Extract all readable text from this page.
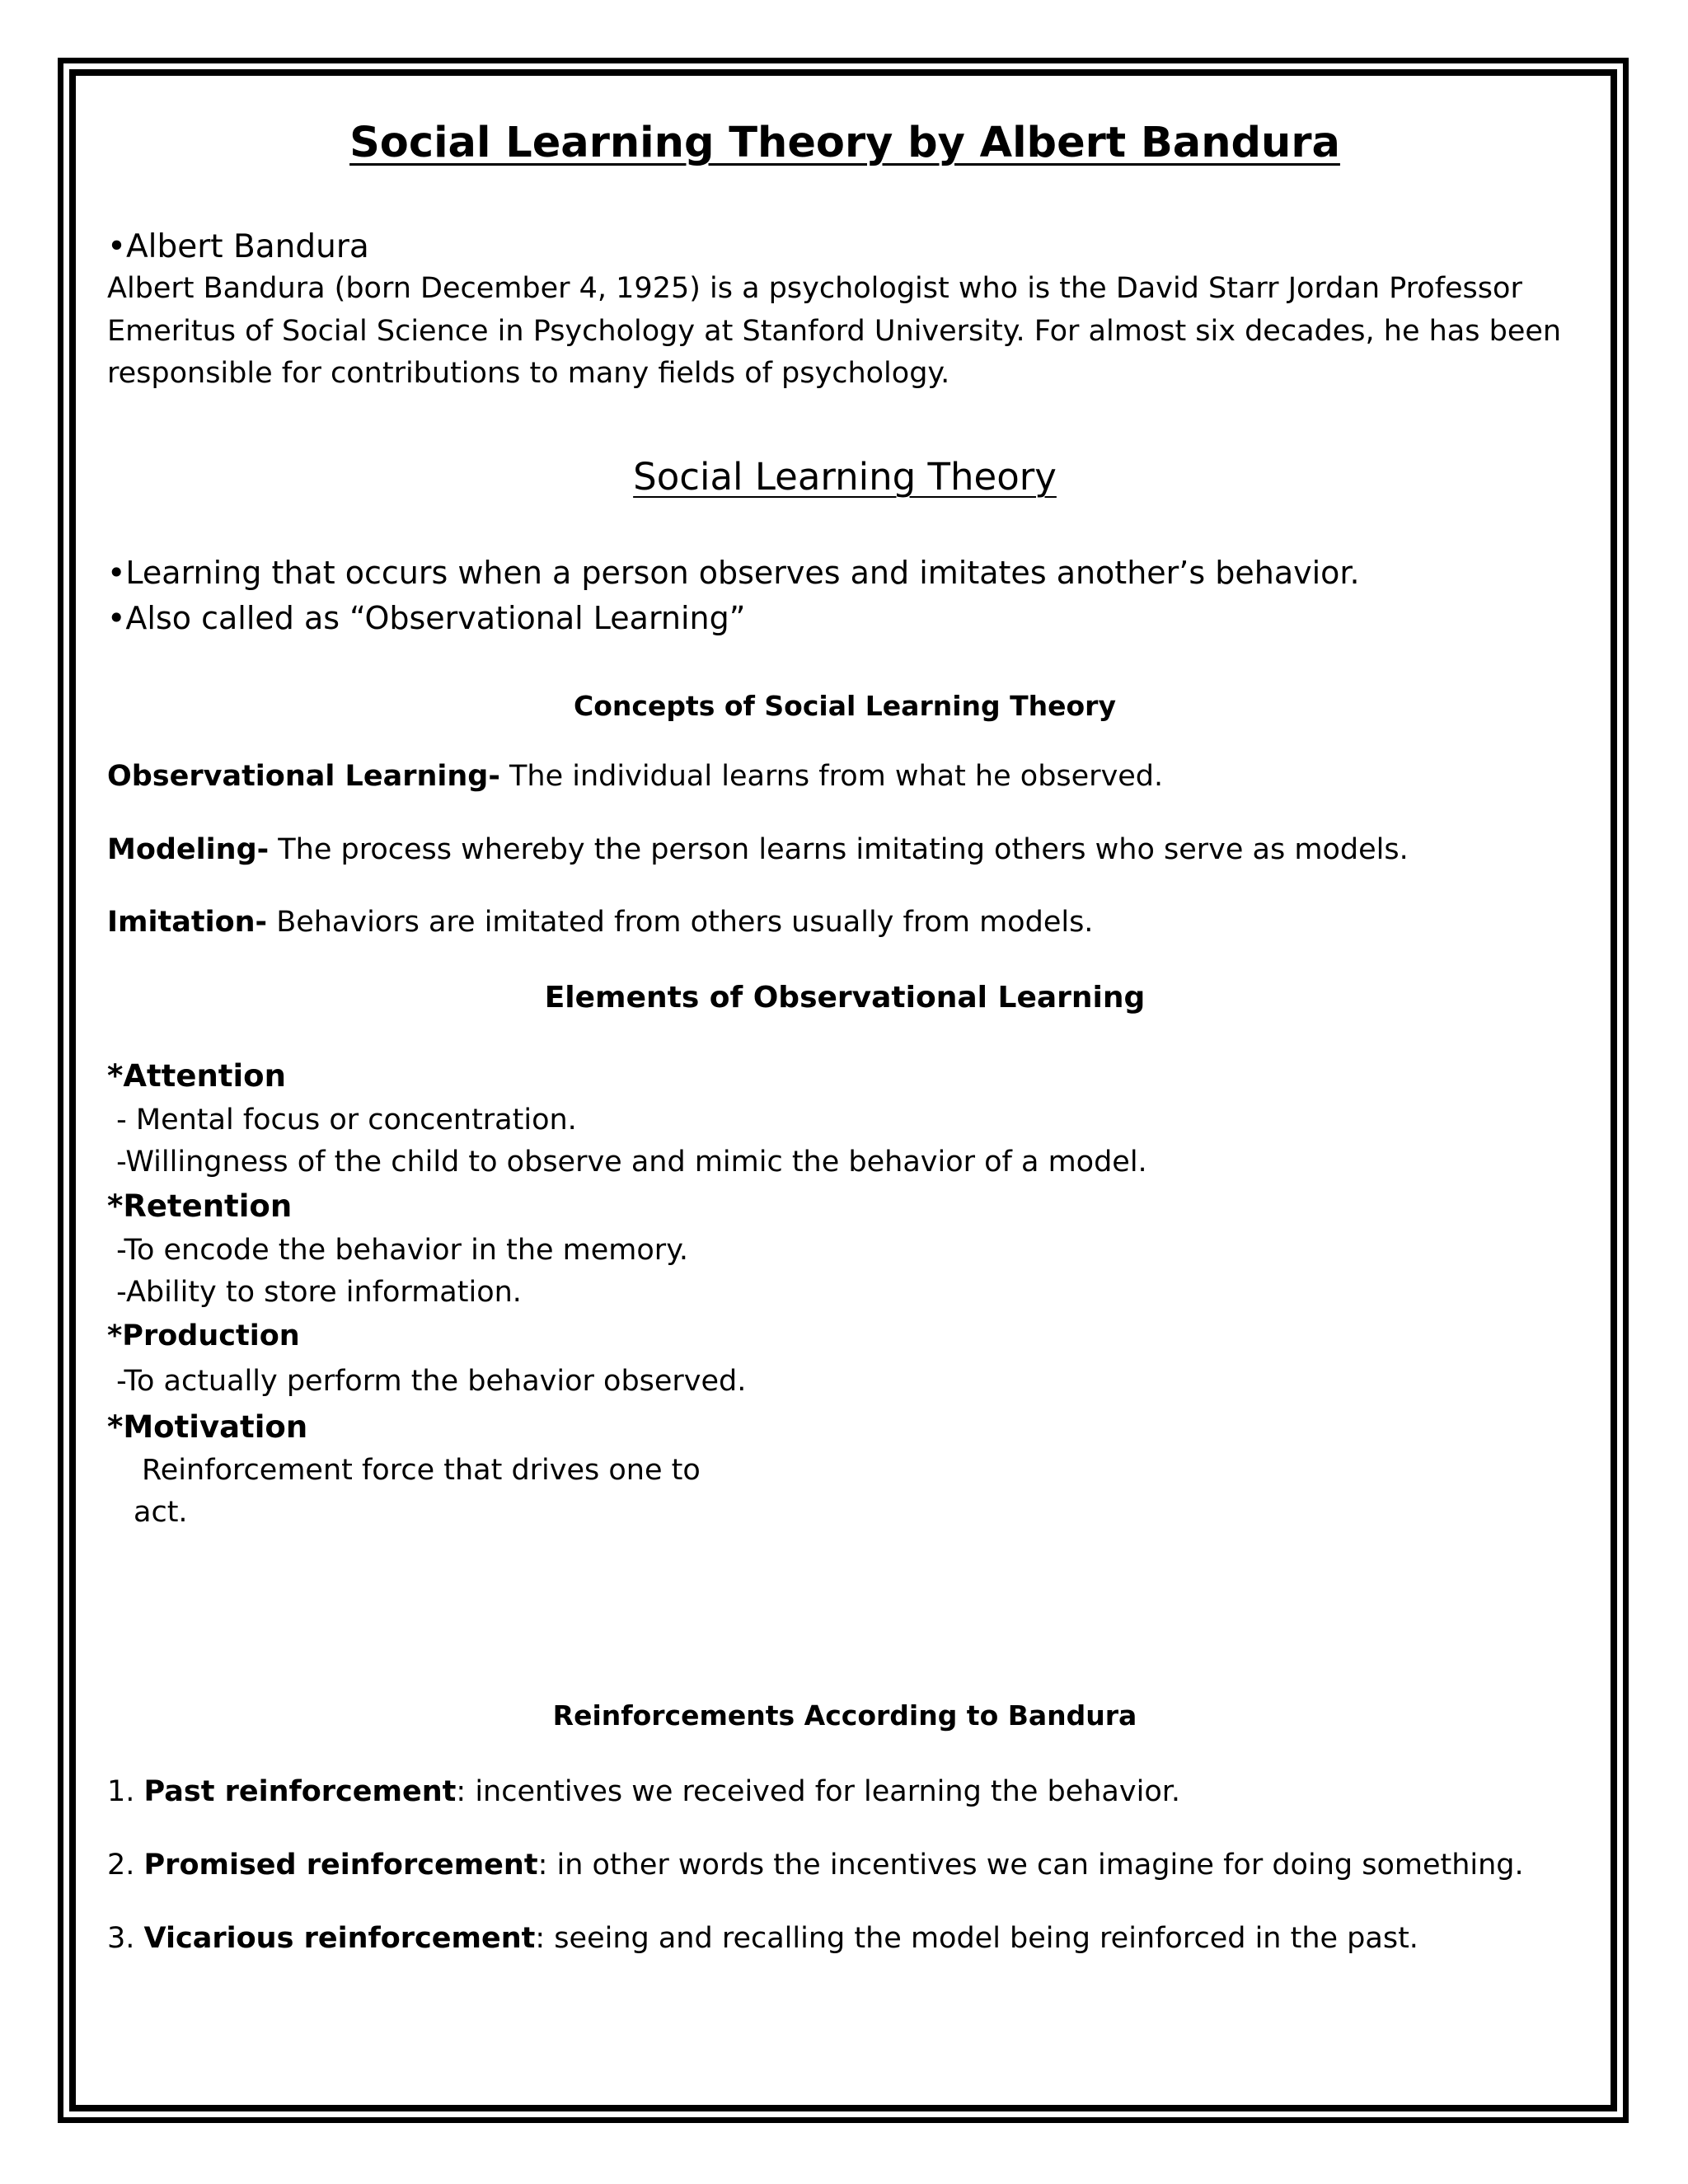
Social Learning Theory by Albert Bandura
•Albert Bandura
Albert Bandura (born December 4, 1925) is a psychologist who is the David Starr Jordan Professor
Emeritus of Social Science in Psychology at Stanford University. For almost six decades, he has been
responsible for contributions to many fields of psychology.
Social Learning Theory
•Learning that occurs when a person observes and imitates another’s behavior.
•Also called as “Observational Learning”
Concepts of Social Learning Theory
Observational Learning- The individual learns from what he observed.
Modeling- The process whereby the person learns imitating others who serve as models.
Imitation- Behaviors are imitated from others usually from models.
Elements of Observational Learning
*Attention
- Mental focus or concentration.
-Willingness of the child to observe and mimic the behavior of a model.
*Retention
-To encode the behavior in the memory.
-Ability to store information.
*Production
-To actually perform the behavior observed.
*Motivation
Reinforcement force that drives one to
act.
Reinforcements According to Bandura
1. Past reinforcement: incentives we received for learning the behavior.
2. Promised reinforcement: in other words the incentives we can imagine for doing something.
3. Vicarious reinforcement: seeing and recalling the model being reinforced in the past.
